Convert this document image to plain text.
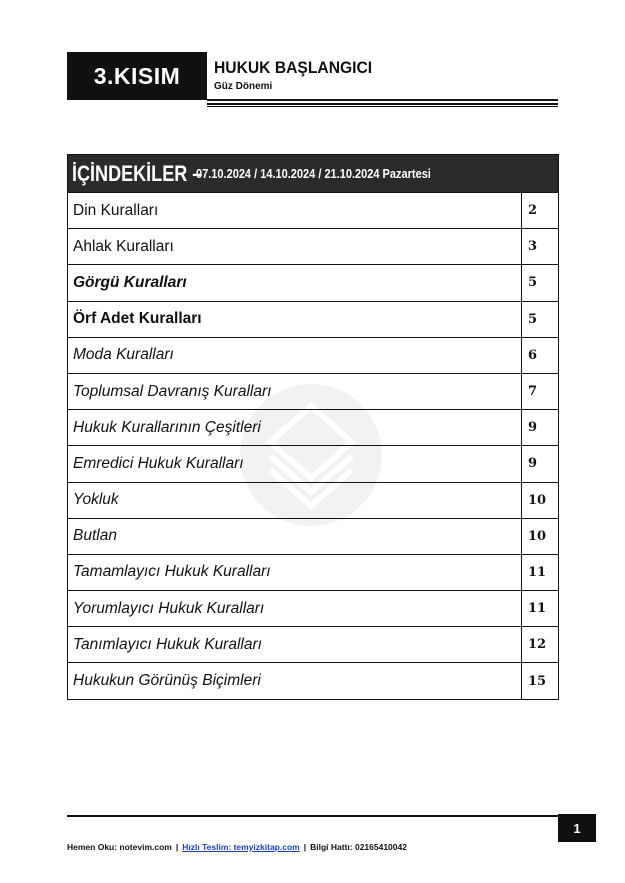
3.KISIM	HUKUK BAŞLANGICI
Güz Dönemi
İÇİNDEKİLER –
07.10.2024 / 14.10.2024 / 21.10.2024 Pazartesi
Din Kuralları	2
Ahlak Kuralları	3
Görgü Kuralları	5
Örf Adet Kuralları	5
Moda Kuralları	6
Toplumsal Davranış Kuralları	7
Hukuk Kurallarının Çeşitleri	9
Emredici Hukuk Kuralları	9
Yokluk	10
Butlan	10
Tamamlayıcı Hukuk Kuralları	11
Yorumlayıcı Hukuk Kuralları	11
Tanımlayıcı Hukuk Kuralları	12
Hukukun Görünüş Biçimleri	15
1
Hemen Oku: notevim.com | Hızlı Teslim: temyizkitap.com | Bilgi Hattı: 02165410042
